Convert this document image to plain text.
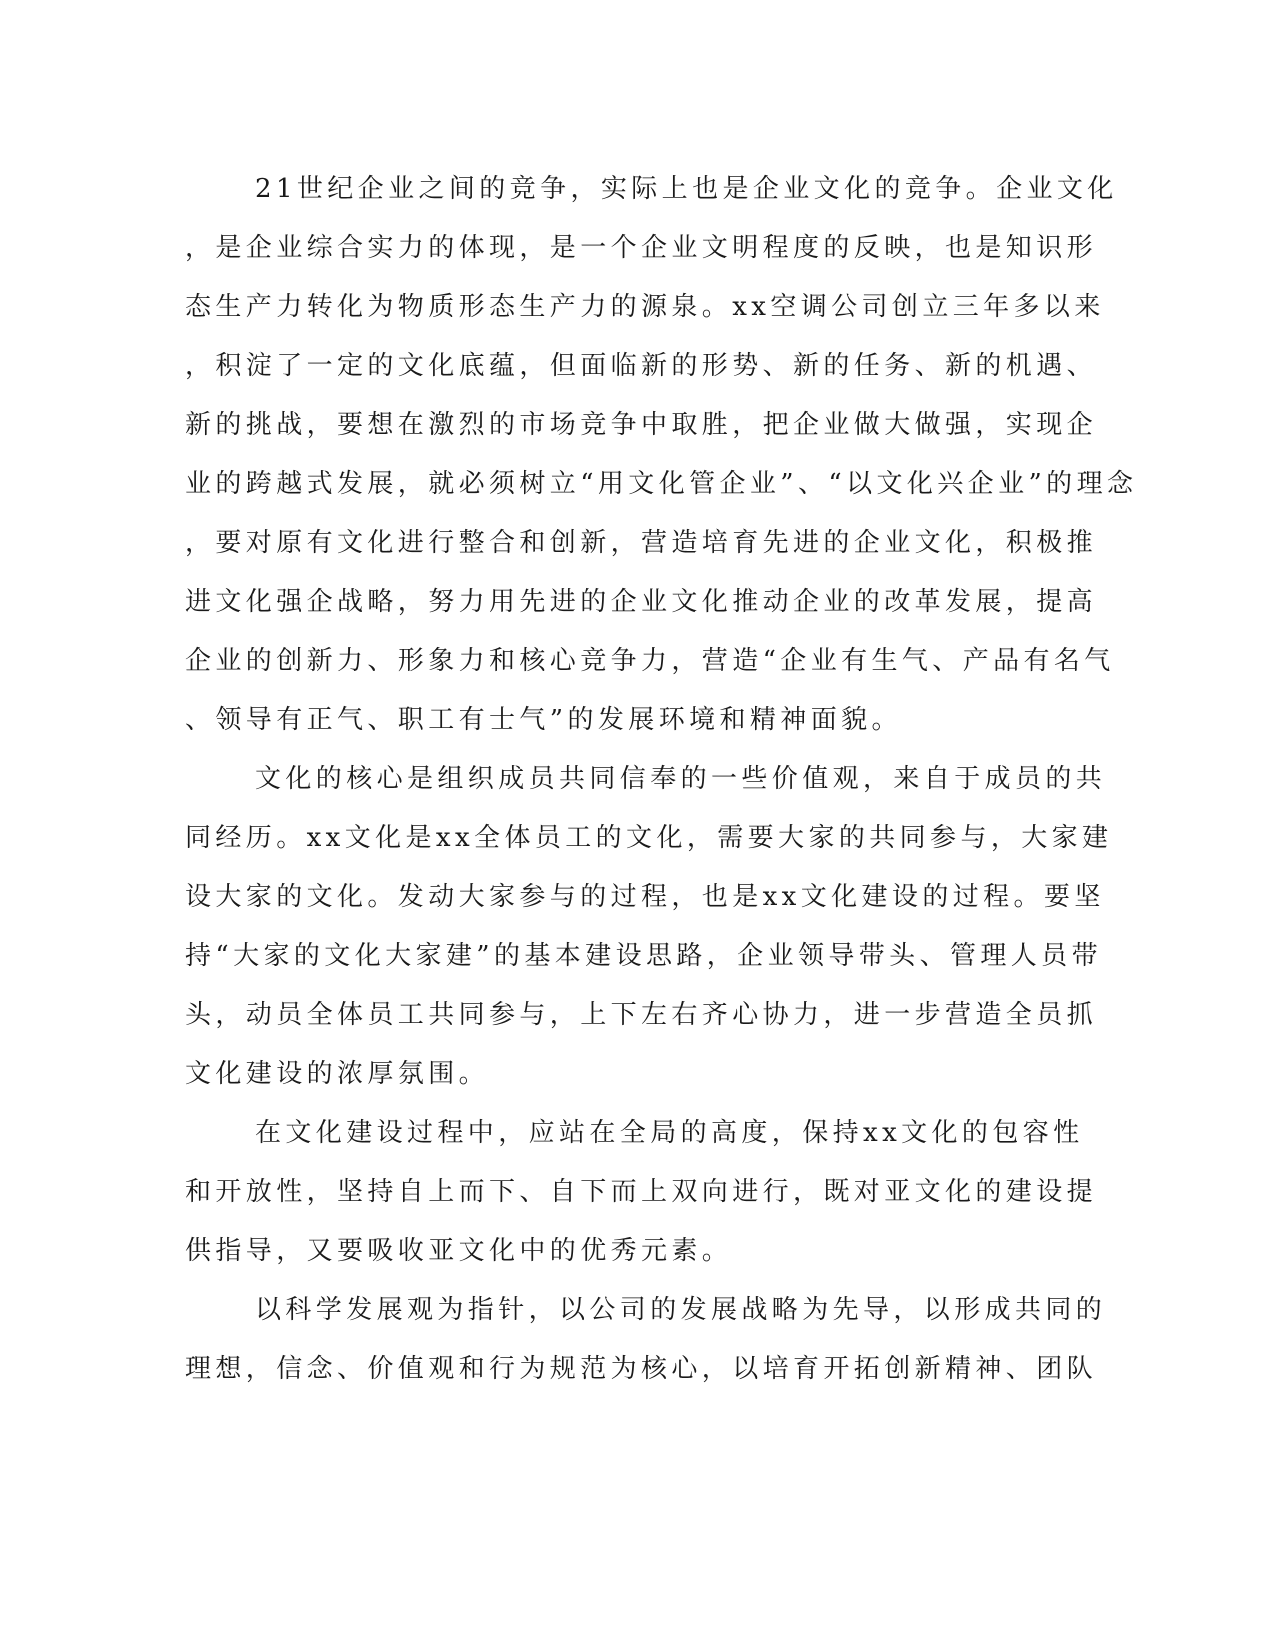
21世纪企业之间的竞争，实际上也是企业文化的竞争。企业文化
，是企业综合实力的体现，是一个企业文明程度的反映，也是知识形
态生产力转化为物质形态生产力的源泉。xx空调公司创立三年多以来
，积淀了一定的文化底蕴，但面临新的形势、新的任务、新的机遇、
新的挑战，要想在激烈的市场竞争中取胜，把企业做大做强，实现企
业的跨越式发展，就必须树立“用文化管企业”、“以文化兴企业”的理念
，要对原有文化进行整合和创新，营造培育先进的企业文化，积极推
进文化强企战略，努力用先进的企业文化推动企业的改革发展，提高
企业的创新力、形象力和核心竞争力，营造“企业有生气、产品有名气
、领导有正气、职工有士气”的发展环境和精神面貌。
文化的核心是组织成员共同信奉的一些价值观，来自于成员的共
同经历。xx文化是xx全体员工的文化，需要大家的共同参与，大家建
设大家的文化。发动大家参与的过程，也是xx文化建设的过程。要坚
持“大家的文化大家建”的基本建设思路，企业领导带头、管理人员带
头，动员全体员工共同参与，上下左右齐心协力，进一步营造全员抓
文化建设的浓厚氛围。
在文化建设过程中，应站在全局的高度，保持xx文化的包容性
和开放性，坚持自上而下、自下而上双向进行，既对亚文化的建设提
供指导，又要吸收亚文化中的优秀元素。
以科学发展观为指针，以公司的发展战略为先导，以形成共同的
理想，信念、价值观和行为规范为核心，以培育开拓创新精神、团队
